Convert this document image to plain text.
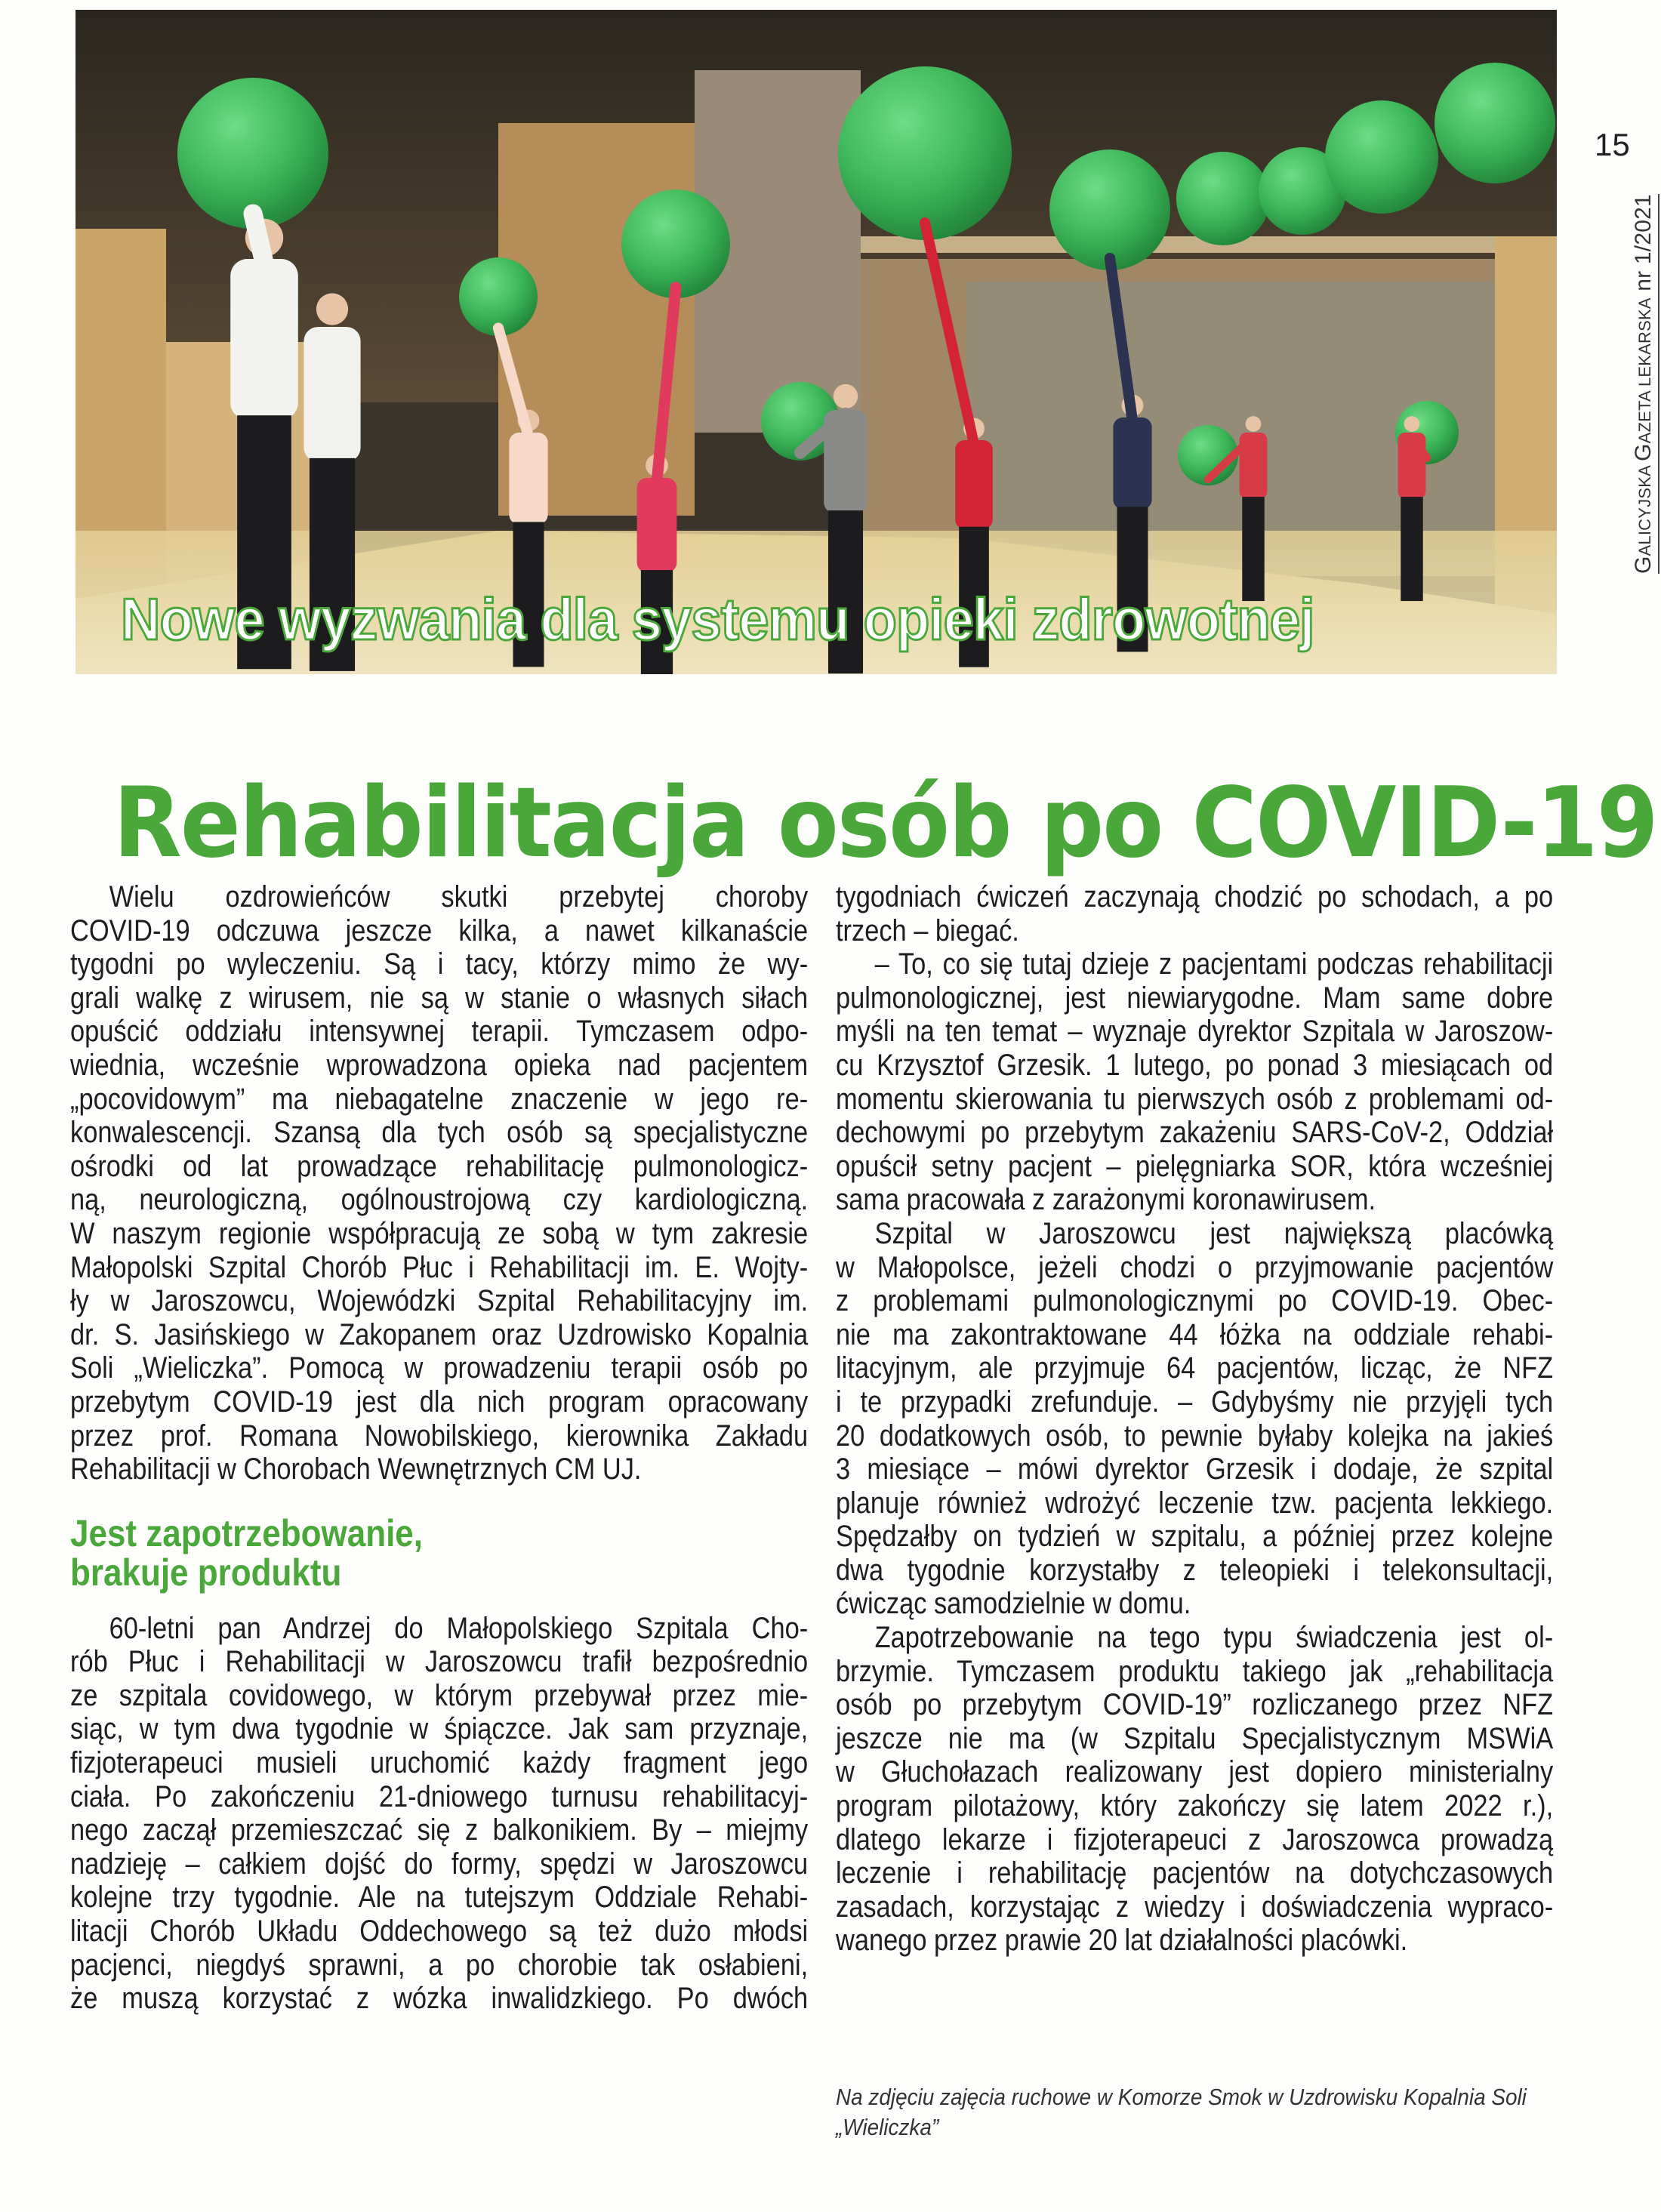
Nowe wyzwania dla systemu opieki zdrowotnej
15
GALICYJSKA GAZETA LEKARSKA nr 1/2021
Rehabilitacja osób po COVID-19
Wielu ozdrowieńców skutki przebytej choroby
COVID-19 odczuwa jeszcze kilka, a nawet kilkanaście
tygodni po wyleczeniu. Są i tacy, którzy mimo że wy-
grali walkę z wirusem, nie są w stanie o własnych siłach
opuścić oddziału intensywnej terapii. Tymczasem odpo-
wiednia, wcześnie wprowadzona opieka nad pacjentem
„pocovidowym” ma niebagatelne znaczenie w jego re-
konwalescencji. Szansą dla tych osób są specjalistyczne
ośrodki od lat prowadzące rehabilitację pulmonologicz-
ną, neurologiczną, ogólnoustrojową czy kardiologiczną.
W naszym regionie współpracują ze sobą w tym zakresie
Małopolski Szpital Chorób Płuc i Rehabilitacji im. E. Wojty-
ły w Jaroszowcu, Wojewódzki Szpital Rehabilitacyjny im.
dr. S. Jasińskiego w Zakopanem oraz Uzdrowisko Kopalnia
Soli „Wieliczka”. Pomocą w prowadzeniu terapii osób po
przebytym COVID-19 jest dla nich program opracowany
przez prof. Romana Nowobilskiego, kierownika Zakładu
Rehabilitacji w Chorobach Wewnętrznych CM UJ.
Jest zapotrzebowanie,
brakuje produktu
60-letni pan Andrzej do Małopolskiego Szpitala Cho-
rób Płuc i Rehabilitacji w Jaroszowcu trafił bezpośrednio
ze szpitala covidowego, w którym przebywał przez mie-
siąc, w tym dwa tygodnie w śpiączce. Jak sam przyznaje,
fizjoterapeuci musieli uruchomić każdy fragment jego
ciała. Po zakończeniu 21-dniowego turnusu rehabilitacyj-
nego zaczął przemieszczać się z balkonikiem. By – miejmy
nadzieję – całkiem dojść do formy, spędzi w Jaroszowcu
kolejne trzy tygodnie. Ale na tutejszym Oddziale Rehabi-
litacji Chorób Układu Oddechowego są też dużo młodsi
pacjenci, niegdyś sprawni, a po chorobie tak osłabieni,
że muszą korzystać z wózka inwalidzkiego. Po dwóch
tygodniach ćwiczeń zaczynają chodzić po schodach, a po
trzech – biegać.
– To, co się tutaj dzieje z pacjentami podczas rehabilitacji
pulmonologicznej, jest niewiarygodne. Mam same dobre
myśli na ten temat – wyznaje dyrektor Szpitala w Jaroszow-
cu Krzysztof Grzesik. 1 lutego, po ponad 3 miesiącach od
momentu skierowania tu pierwszych osób z problemami od-
dechowymi po przebytym zakażeniu SARS-CoV-2, Oddział
opuścił setny pacjent – pielęgniarka SOR, która wcześniej
sama pracowała z zarażonymi koronawirusem.
Szpital w Jaroszowcu jest największą placówką
w Małopolsce, jeżeli chodzi o przyjmowanie pacjentów
z problemami pulmonologicznymi po COVID-19. Obec-
nie ma zakontraktowane 44 łóżka na oddziale rehabi-
litacyjnym, ale przyjmuje 64 pacjentów, licząc, że NFZ
i te przypadki zrefunduje. – Gdybyśmy nie przyjęli tych
20 dodatkowych osób, to pewnie byłaby kolejka na jakieś
3 miesiące – mówi dyrektor Grzesik i dodaje, że szpital
planuje również wdrożyć leczenie tzw. pacjenta lekkiego.
Spędzałby on tydzień w szpitalu, a później przez kolejne
dwa tygodnie korzystałby z teleopieki i telekonsultacji,
ćwicząc samodzielnie w domu.
Zapotrzebowanie na tego typu świadczenia jest ol-
brzymie. Tymczasem produktu takiego jak „rehabilitacja
osób po przebytym COVID-19” rozliczanego przez NFZ
jeszcze nie ma (w Szpitalu Specjalistycznym MSWiA
w Głuchołazach realizowany jest dopiero ministerialny
program pilotażowy, który zakończy się latem 2022 r.),
dlatego lekarze i fizjoterapeuci z Jaroszowca prowadzą
leczenie i rehabilitację pacjentów na dotychczasowych
zasadach, korzystając z wiedzy i doświadczenia wypraco-
wanego przez prawie 20 lat działalności placówki.
Na zdjęciu zajęcia ruchowe w Komorze Smok w Uzdrowisku Kopalnia Soli
„Wieliczka”
